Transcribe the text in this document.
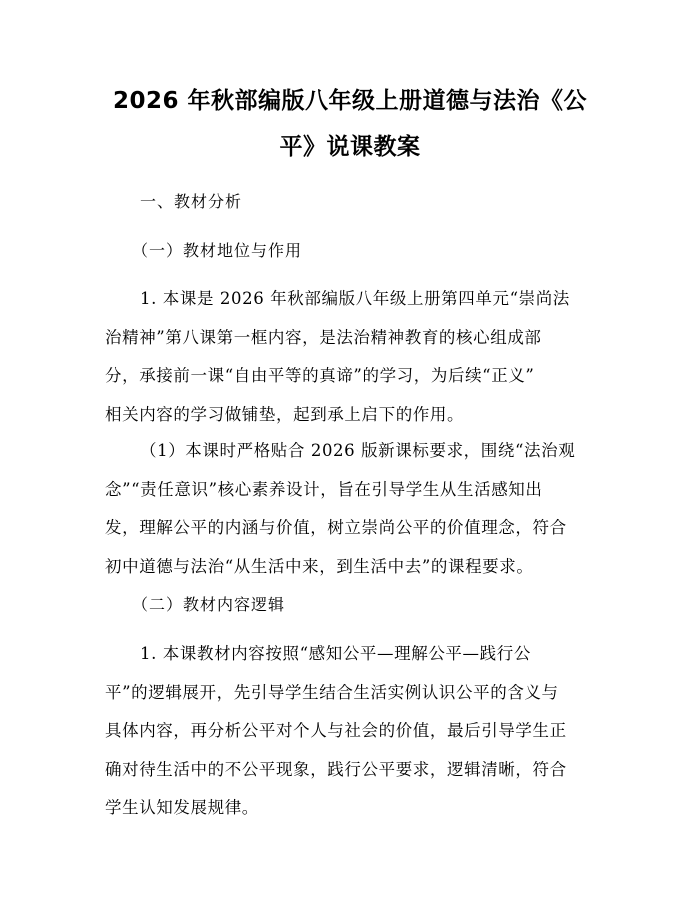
2026 年秋部编版八年级上册道德与法治《公
平》说课教案
一、教材分析
（一）教材地位与作用
1. 本课是 2026 年秋部编版八年级上册第四单元“崇尚法
治精神”第八课第一框内容，是法治精神教育的核心组成部
分，承接前一课“自由平等的真谛”的学习，为后续“正义”
相关内容的学习做铺垫，起到承上启下的作用。
（1）本课时严格贴合 2026 版新课标要求，围绕“法治观
念”“责任意识”核心素养设计，旨在引导学生从生活感知出
发，理解公平的内涵与价值，树立崇尚公平的价值理念，符合
初中道德与法治“从生活中来，到生活中去”的课程要求。
（二）教材内容逻辑
1. 本课教材内容按照“感知公平—理解公平—践行公
平”的逻辑展开，先引导学生结合生活实例认识公平的含义与
具体内容，再分析公平对个人与社会的价值，最后引导学生正
确对待生活中的不公平现象，践行公平要求，逻辑清晰，符合
学生认知发展规律。
